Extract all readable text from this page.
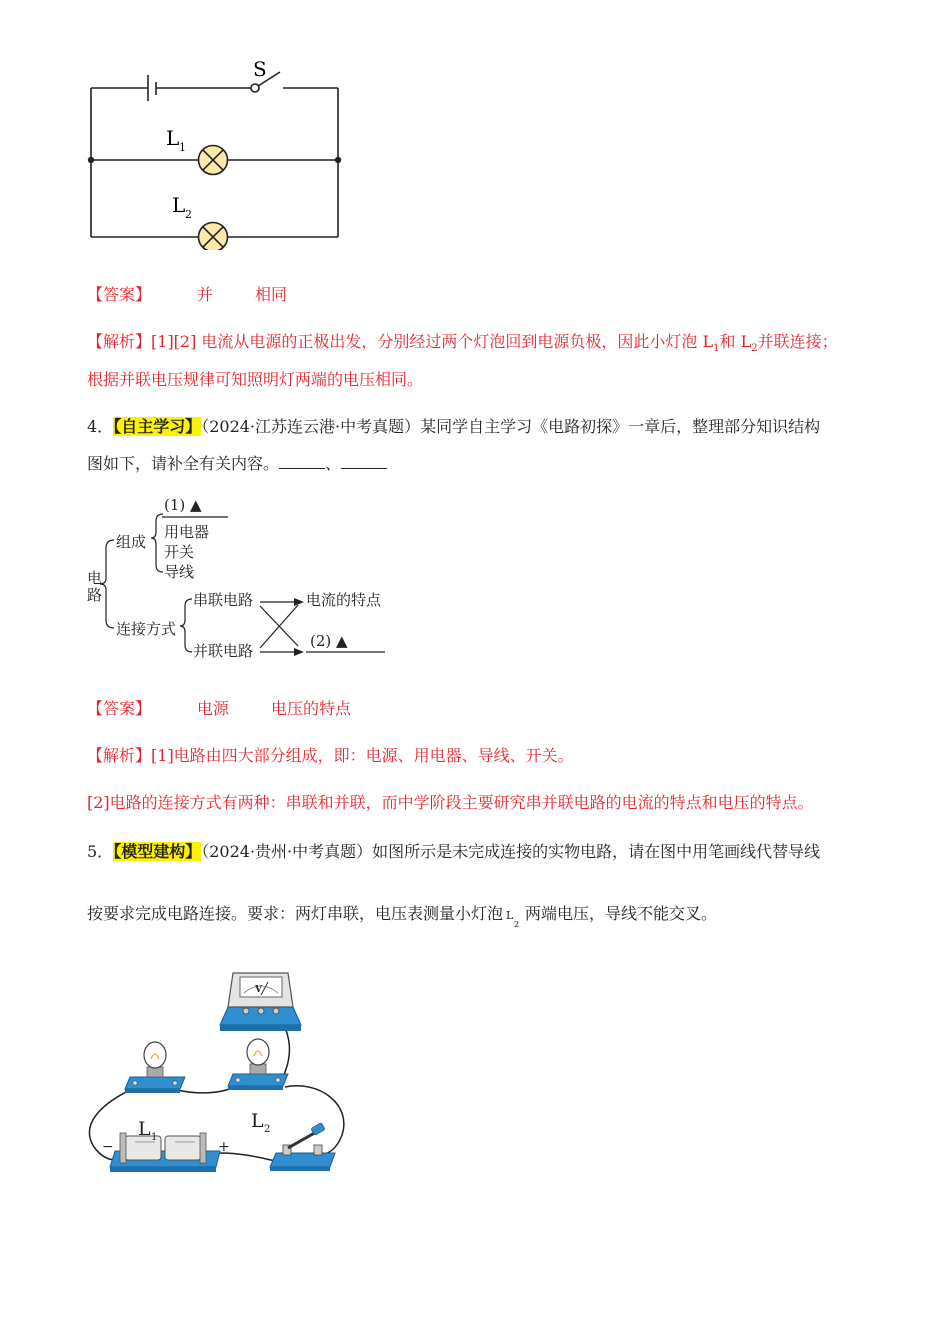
S
L 1
L 2
【答案】	并	相同
【解析】[1][2] 电流从电源的正极出发，分别经过两个灯泡回到电源负极，因此小灯泡 $L_1$和 $L_2$并联连接；
根据并联电压规律可知照明灯两端的电压相同。
4．【自主学习】（2024·江苏连云港·中考真题）某同学自主学习《电路初探》一章后，整理部分知识结构
图如下，请补全有关内容。	、
电
路
组成
(1) ▲
用电器
开关
导线
连接方式
串联电路
并联电路
电流的特点
(2) ▲
【答案】	电源	电压的特点
【解析】[1]电路由四大部分组成，即：电源、用电器、导线、开关。
[2]电路的连接方式有两种：串联和并联，而中学阶段主要研究串并联电路的电流的特点和电压的特点。
5．【模型建构】（2024·贵州·中考真题）如图所示是未完成连接的实物电路，请在图中用笔画线代替导线
按要求完成电路连接。要求：两灯串联，电压表测量小灯泡 L
2
两端电压，导线不能交叉。
V
L	L
1
2
−	+
